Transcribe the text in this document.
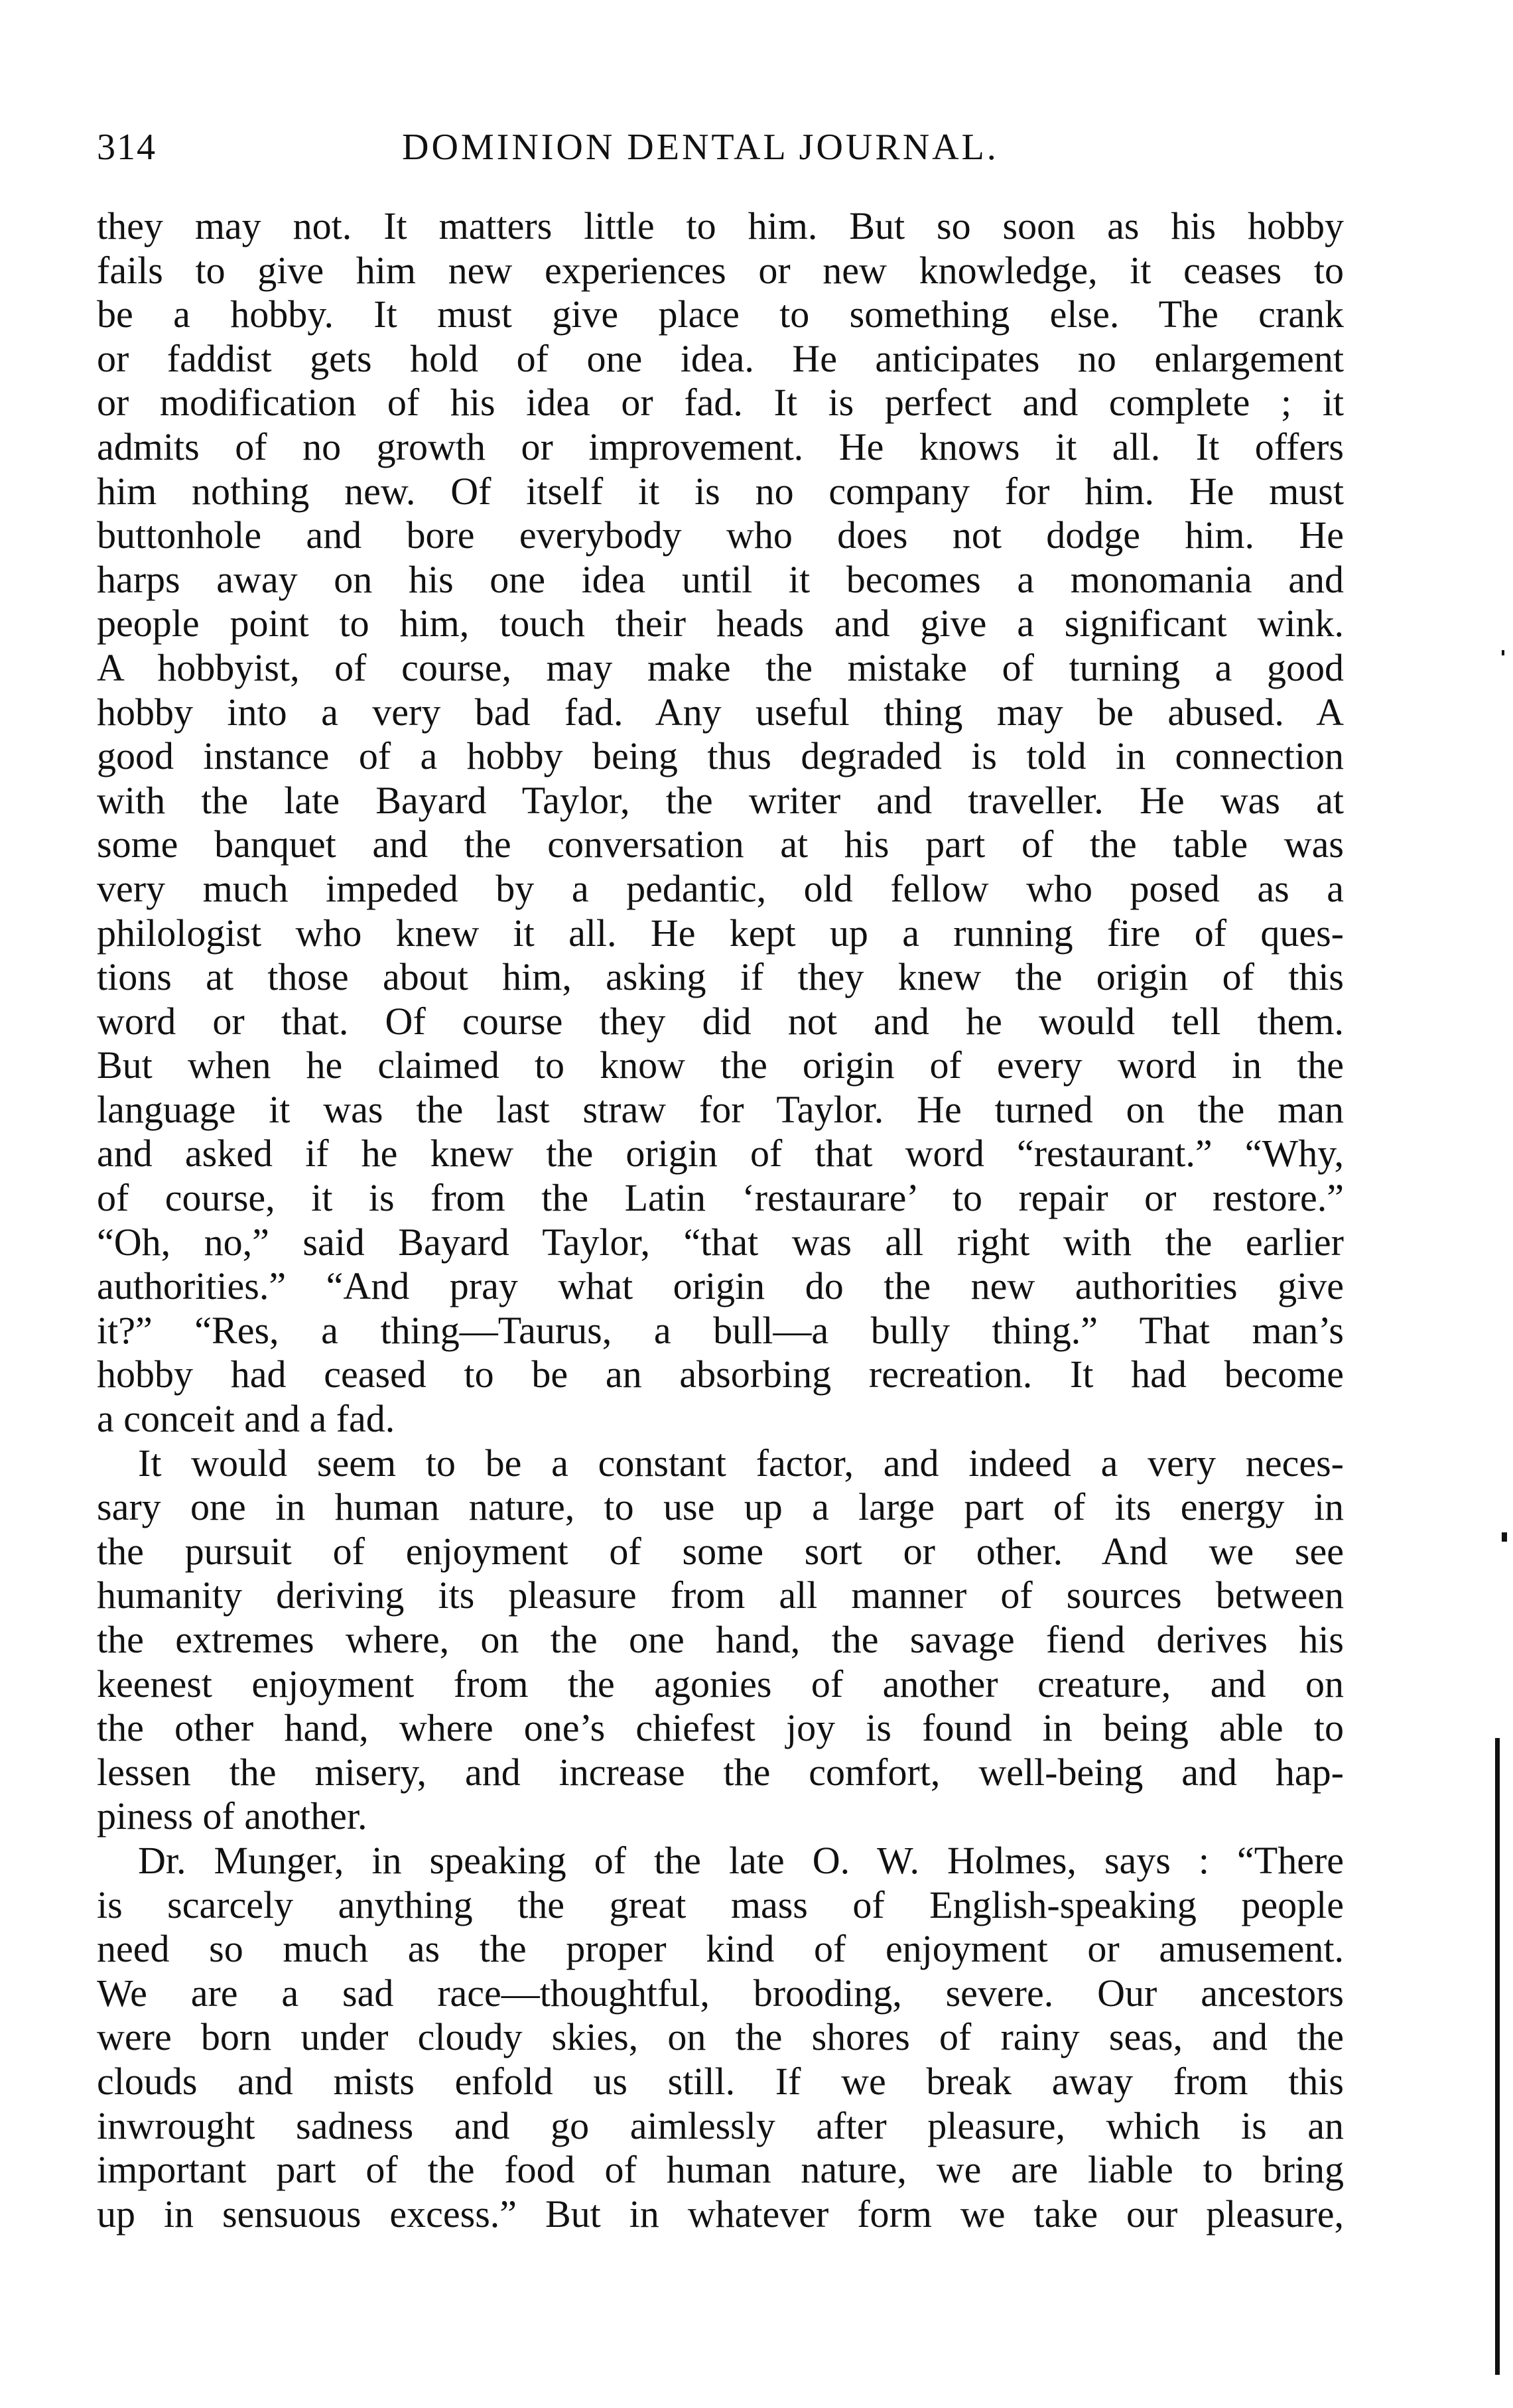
314	DOMINION DENTAL JOURNAL.
they may not. It matters little to him. But so soon as his hobby
fails to give him new experiences or new knowledge, it ceases to
be a hobby. It must give place to something else. The crank
or faddist gets hold of one idea. He anticipates no enlargement
or modification of his idea or fad. It is perfect and complete ; it
admits of no growth or improvement. He knows it all. It offers
him nothing new. Of itself it is no company for him. He must
buttonhole and bore everybody who does not dodge him. He
harps away on his one idea until it becomes a monomania and
people point to him, touch their heads and give a significant wink.
A hobbyist, of course, may make the mistake of turning a good
hobby into a very bad fad. Any useful thing may be abused. A
good instance of a hobby being thus degraded is told in connection
with the late Bayard Taylor, the writer and traveller. He was at
some banquet and the conversation at his part of the table was
very much impeded by a pedantic, old fellow who posed as a
philologist who knew it all. He kept up a running fire of ques-
tions at those about him, asking if they knew the origin of this
word or that. Of course they did not and he would tell them.
But when he claimed to know the origin of every word in the
language it was the last straw for Taylor. He turned on the man
and asked if he knew the origin of that word “restaurant.” “Why,
of course, it is from the Latin ‘restaurare’ to repair or restore.”
“Oh, no,” said Bayard Taylor, “that was all right with the earlier
authorities.” “And pray what origin do the new authorities give
it?” “Res, a thing—Taurus, a bull—a bully thing.” That man’s
hobby had ceased to be an absorbing recreation. It had become
a conceit and a fad.
It would seem to be a constant factor, and indeed a very neces-
sary one in human nature, to use up a large part of its energy in
the pursuit of enjoyment of some sort or other. And we see
humanity deriving its pleasure from all manner of sources between
the extremes where, on the one hand, the savage fiend derives his
keenest enjoyment from the agonies of another creature, and on
the other hand, where one’s chiefest joy is found in being able to
lessen the misery, and increase the comfort, well-being and hap-
piness of another.
Dr. Munger, in speaking of the late O. W. Holmes, says : “There
is scarcely anything the great mass of English-speaking people
need so much as the proper kind of enjoyment or amusement.
We are a sad race—thoughtful, brooding, severe. Our ancestors
were born under cloudy skies, on the shores of rainy seas, and the
clouds and mists enfold us still. If we break away from this
inwrought sadness and go aimlessly after pleasure, which is an
important part of the food of human nature, we are liable to bring
up in sensuous excess.” But in whatever form we take our pleasure,
